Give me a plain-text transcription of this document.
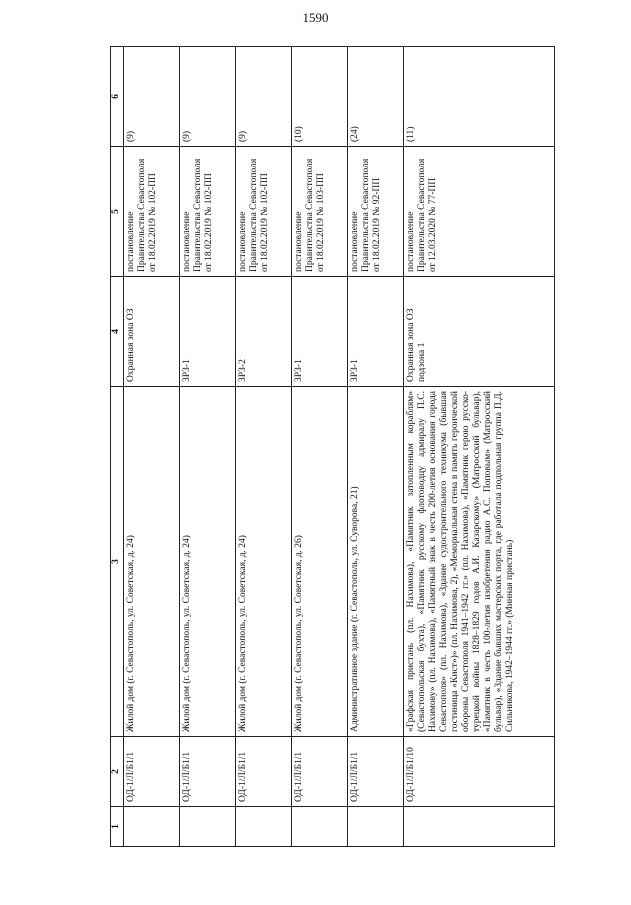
1590
1	2	3	4	5	6
	ОД-1/Л/Б1/1	Жилой дом (г. Севастополь, ул. Советская, д. 24)	Охранная зона ОЗ	постановление Правительства Севастополя от 18.02.2019 № 102-ПП	(9)
	ОД-1/Л/Б1/1	Жилой дом (г. Севастополь, ул. Советская, д. 24)	ЗРЗ-1	постановление Правительства Севастополя от 18.02.2019 № 102-ПП	(9)
	ОД-1/Л/Б1/1	Жилой дом (г. Севастополь, ул. Советская, д. 24)	ЗРЗ-2	постановление Правительства Севастополя от 18.02.2019 № 102-ПП	(9)
	ОД-1/Л/Б1/1	Жилой дом (г. Севастополь, ул. Советская, д. 26)	ЗРЗ-1	постановление Правительства Севастополя от 18.02.2019 № 103-ПП	(10)
	ОД-1/Л/Б1/1	Административное здание (г. Севастополь, ул. Суворова, 21)	ЗРЗ-1	постановление Правительства Севастополя от 18.02.2019 № 92-ПП	(24)
	ОД-1/Л/Б1/10	«Графская пристань (пл. Нахимова), «Памятник затопленным кораблям» (Севастопольская бухта), «Памятник русскому флотоводцу адмиралу П.С. Нахимову» (пл. Нахимова), «Памятный знак в честь 200-летия основания города Севастополя» (пл. Нахимова), «Здание судостроительного техникума (бывшая гостиница «Кист»)» (пл. Нахимова, 2), «Мемориальная стена в память героической обороны Севастополя 1941–1942 гг.» (пл. Нахимова), «Памятник герою русско-турецкой войны 1828–1829 годов А.И. Казарскому» (Матросский бульвар), «Памятник в честь 100-летия изобретения радио А.С. Поповым» (Матросский бульвар), «Здание бывших мастерских порта, где работала подпольная группа П.Д. Сильникова, 1942–1944 гг.» (Минная пристань)	Охранная зона ОЗ подзона 1	постановление Правительства Севастополя от 12.03.2020 № 77-ПП	(11)
